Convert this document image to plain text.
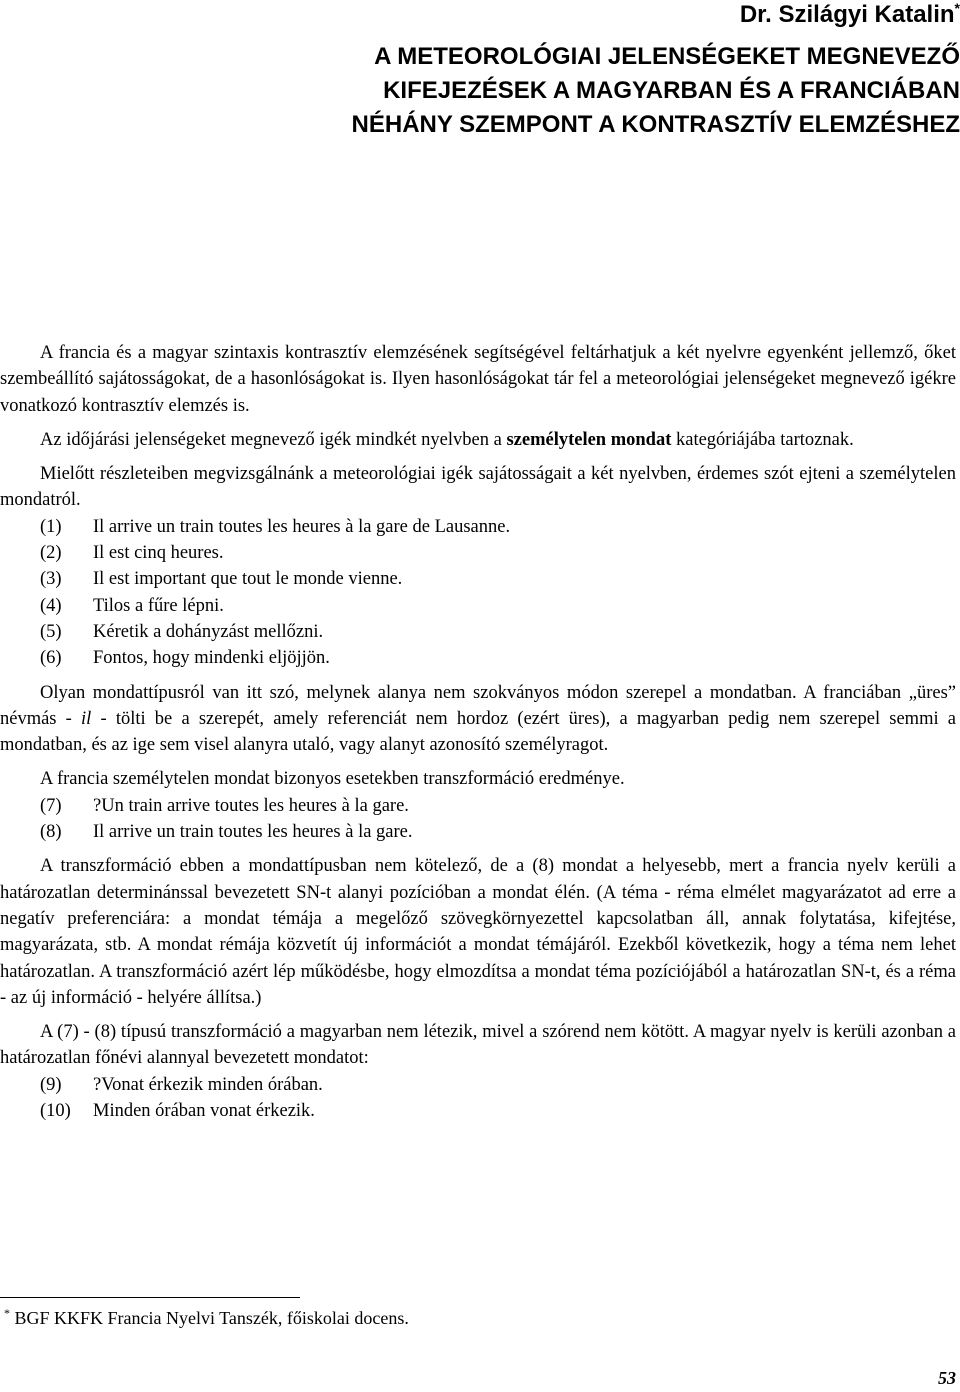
Dr. Szilágyi Katalin*
A METEOROLÓGIAI JELENSÉGEKET MEGNEVEZŐ
KIFEJEZÉSEK A MAGYARBAN ÉS A FRANCIÁBAN
NÉHÁNY SZEMPONT A KONTRASZTÍV ELEMZÉSHEZ

A francia és a magyar szintaxis kontrasztív elemzésének segítségével feltárhatjuk a két nyelvre egyenként jellemző, őket szembeállító sajátosságokat, de a hasonlóságokat is. Ilyen hasonlóságokat tár fel a meteorológiai jelenségeket megnevező igékre vonatkozó kontrasztív elemzés is.

Az időjárási jelenségeket megnevező igék mindkét nyelvben a személytelen mondat kategóriájába tartoznak.

Mielőtt részleteiben megvizsgálnánk a meteorológiai igék sajátosságait a két nyelvben, érdemes szót ejteni a személytelen mondatról.

(1)	Il arrive un train toutes les heures à la gare de Lausanne.
(2)	Il est cinq heures.
(3)	Il est important que tout le monde vienne.
(4)	Tilos a fűre lépni.
(5)	Kéretik a dohányzást mellőzni.
(6)	Fontos, hogy mindenki eljöjjön.

Olyan mondattípusról van itt szó, melynek alanya nem szokványos módon szerepel a mondatban. A franciában „üres” névmás - il - tölti be a szerepét, amely referenciát nem hordoz (ezért üres), a magyarban pedig nem szerepel semmi a mondatban, és az ige sem visel alanyra utaló, vagy alanyt azonosító személyragot.

A francia személytelen mondat bizonyos esetekben transzformáció eredménye.

(7)	?Un train arrive toutes les heures à la gare.
(8)	Il arrive un train toutes les heures à la gare.

A transzformáció ebben a mondattípusban nem kötelező, de a (8) mondat a helyesebb, mert a francia nyelv kerüli a határozatlan determinánssal bevezetett SN-t alanyi pozícióban a mondat élén. (A téma - réma elmélet magyarázatot ad erre a negatív preferenciára: a mondat témája a megelőző szövegkörnyezettel kapcsolatban áll, annak folytatása, kifejtése, magyarázata, stb. A mondat rémája közvetít új információt a mondat témájáról. Ezekből következik, hogy a téma nem lehet határozatlan. A transzformáció azért lép működésbe, hogy elmozdítsa a mondat téma pozíciójából a határozatlan SN-t, és a réma - az új információ - helyére állítsa.)

A (7) - (8) típusú transzformáció a magyarban nem létezik, mivel a szórend nem kötött. A magyar nyelv is kerüli azonban a határozatlan főnévi alannyal bevezetett mondatot:

(9)	?Vonat érkezik minden órában.
(10)	Minden órában vonat érkezik.
* BGF KKFK Francia Nyelvi Tanszék, főiskolai docens.
53
